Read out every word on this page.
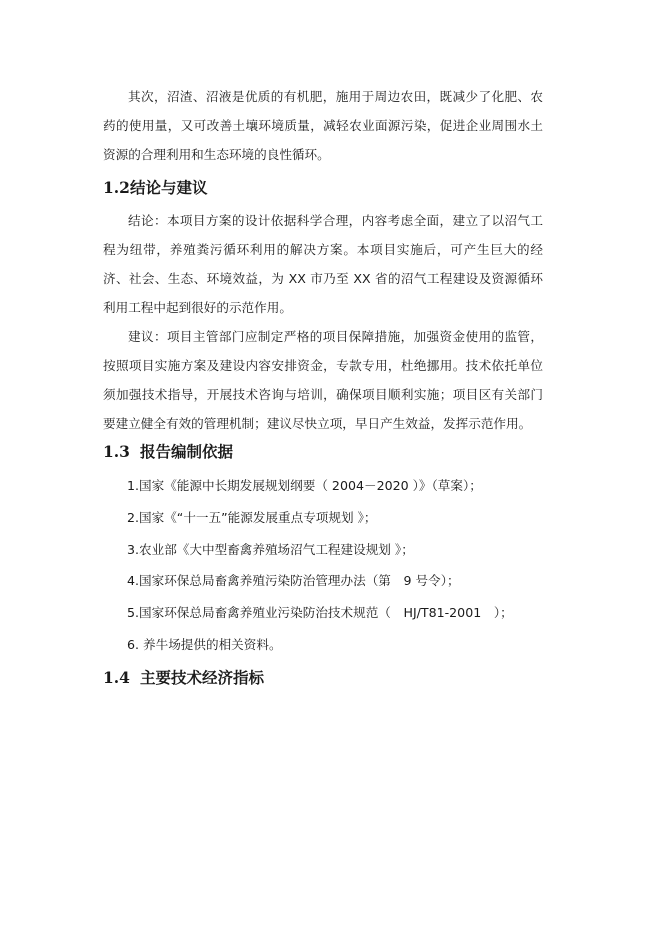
其次，沼渣、沼液是优质的有机肥，施用于周边农田，既减少了化肥、农药的使用量，又可改善土壤环境质量，减轻农业面源污染，促进企业周围水土资源的合理利用和生态环境的良性循环。

1.2结论与建议

结论：本项目方案的设计依据科学合理，内容考虑全面，建立了以沼气工程为纽带，养殖粪污循环利用的解决方案。本项目实施后，可产生巨大的经济、社会、生态、环境效益，为 XX 市乃至 XX 省的沼气工程建设及资源循环利用工程中起到很好的示范作用。

建议：项目主管部门应制定严格的项目保障措施，加强资金使用的监管，按照项目实施方案及建设内容安排资金，专款专用，杜绝挪用。技术依托单位须加强技术指导，开展技术咨询与培训，确保项目顺利实施；项目区有关部门要建立健全有效的管理机制；建议尽快立项，早日产生效益，发挥示范作用。

1.3 报告编制依据

1.国家《能源中长期发展规划纲要（ 2004－2020 ）》（草案）；

2.国家《“十一五”能源发展重点专项规划 》；

3.农业部《大中型畜禽养殖场沼气工程建设规划 》；

4.国家环保总局畜禽养殖污染防治管理办法（第　9 号令）；

5.国家环保总局畜禽养殖业污染防治技术规范（　HJ/T81-2001　）；

6. 养牛场提供的相关资料。

1.4 主要技术经济指标
